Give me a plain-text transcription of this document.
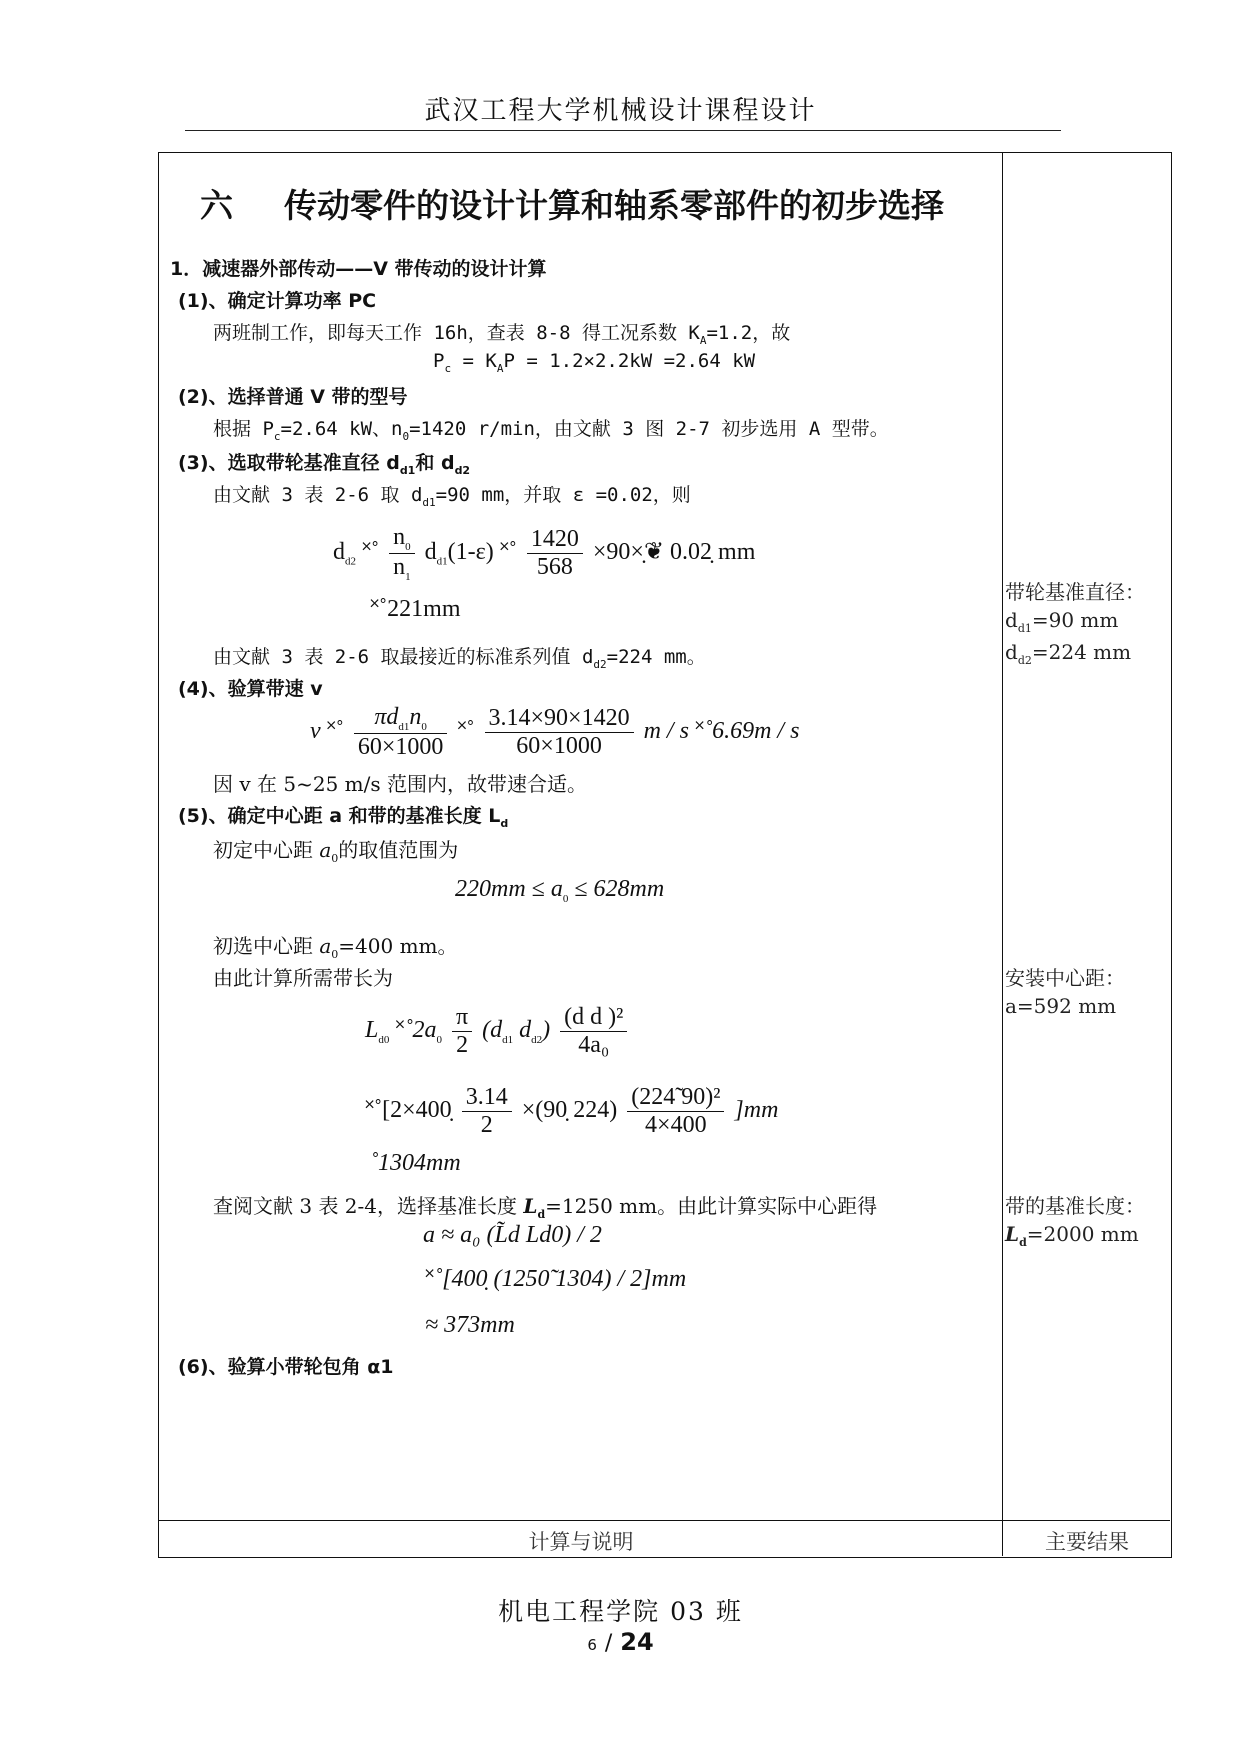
武汉工程大学机械设计课程设计
计算与说明	主要结果
六 传动零件的设计计算和轴系零部件的初步选择
1．减速器外部传动——V 带传动的设计计算
(1)、确定计算功率 PC
两班制工作，即每天工作 16h，查表 8-8 得工况系数 $K_A=1.2$，故
$P_c = K_AP = 1.2\times 2.2kW =2.64$ kW
(2)、选择普通 V 带的型号
根据 $P_c=2.64$ kW、$n_0=1420$ r/min，由文献 3 图 2-7 初步选用 A 型带。
(3)、选取带轮基准直径 $d_{d1}$和 $d_{d2}$
由文献 3 表 2-6 取 $d_{d1}=90$ mm，并取 ε =0.02，则
$d_{d2}$ ˟˚ $\frac{n_0}{n_1} d_{d1}(1-\varepsilon)$ ˟˚ $\frac{1420}{568}$ ×90×̣❦ 0.02̣ mm
˟˚221mm
由文献 3 表 2-6 取最接近的标准系列值 $d_{d2}=224$ mm。
(4)、验算带速 v
v ˟˚ $\frac{\pi d_{d1}n_0}{60\times 1000}$ ˟˚ $\frac{3.14\times 90\times 1420}{60\times 1000}$ m / s ˟˚6.69m / s
因 v 在 5~25 m/s 范围内，故带速合适。
(5)、确定中心距 a 和带的基准长度 $L_d$
初定中心距 $a_0$的取值范围为
$220mm \le a_0 \le 628mm$
初选中心距 $a_0=400$ mm。
由此计算所需带长为
$L_{d0}$ $˟˚2a_0 \frac{\pi}{2} (d_{d1}$ $d_{d2}) \frac{\text{(d d )²}}{\text{4a₀}}$
˟˚[2×400̣ $\frac{3.14}{2}$ ×(90̣ $224) \frac{\text{(224̃ 90)²}}{4\times 400} ]mm$
˚1304mm
查阅文献 3 表 2-4，选择基准长度 $L_d=1250$ mm。由此计算实际中心距得
a ≈ a₀ (L̃d Ld0) / 2
˟˚[400̣ (1250̃ 1304) / 2]mm
≈ 373mm
(6)、验算小带轮包角 α1
带轮基准直径：
$d_{d1}=90$ mm
$d_{d2}=224$ mm
安装中心距：
a=592 mm
带的基准长度：
$L_d=2000$ mm
机电工程学院 03 班
6 / 24
